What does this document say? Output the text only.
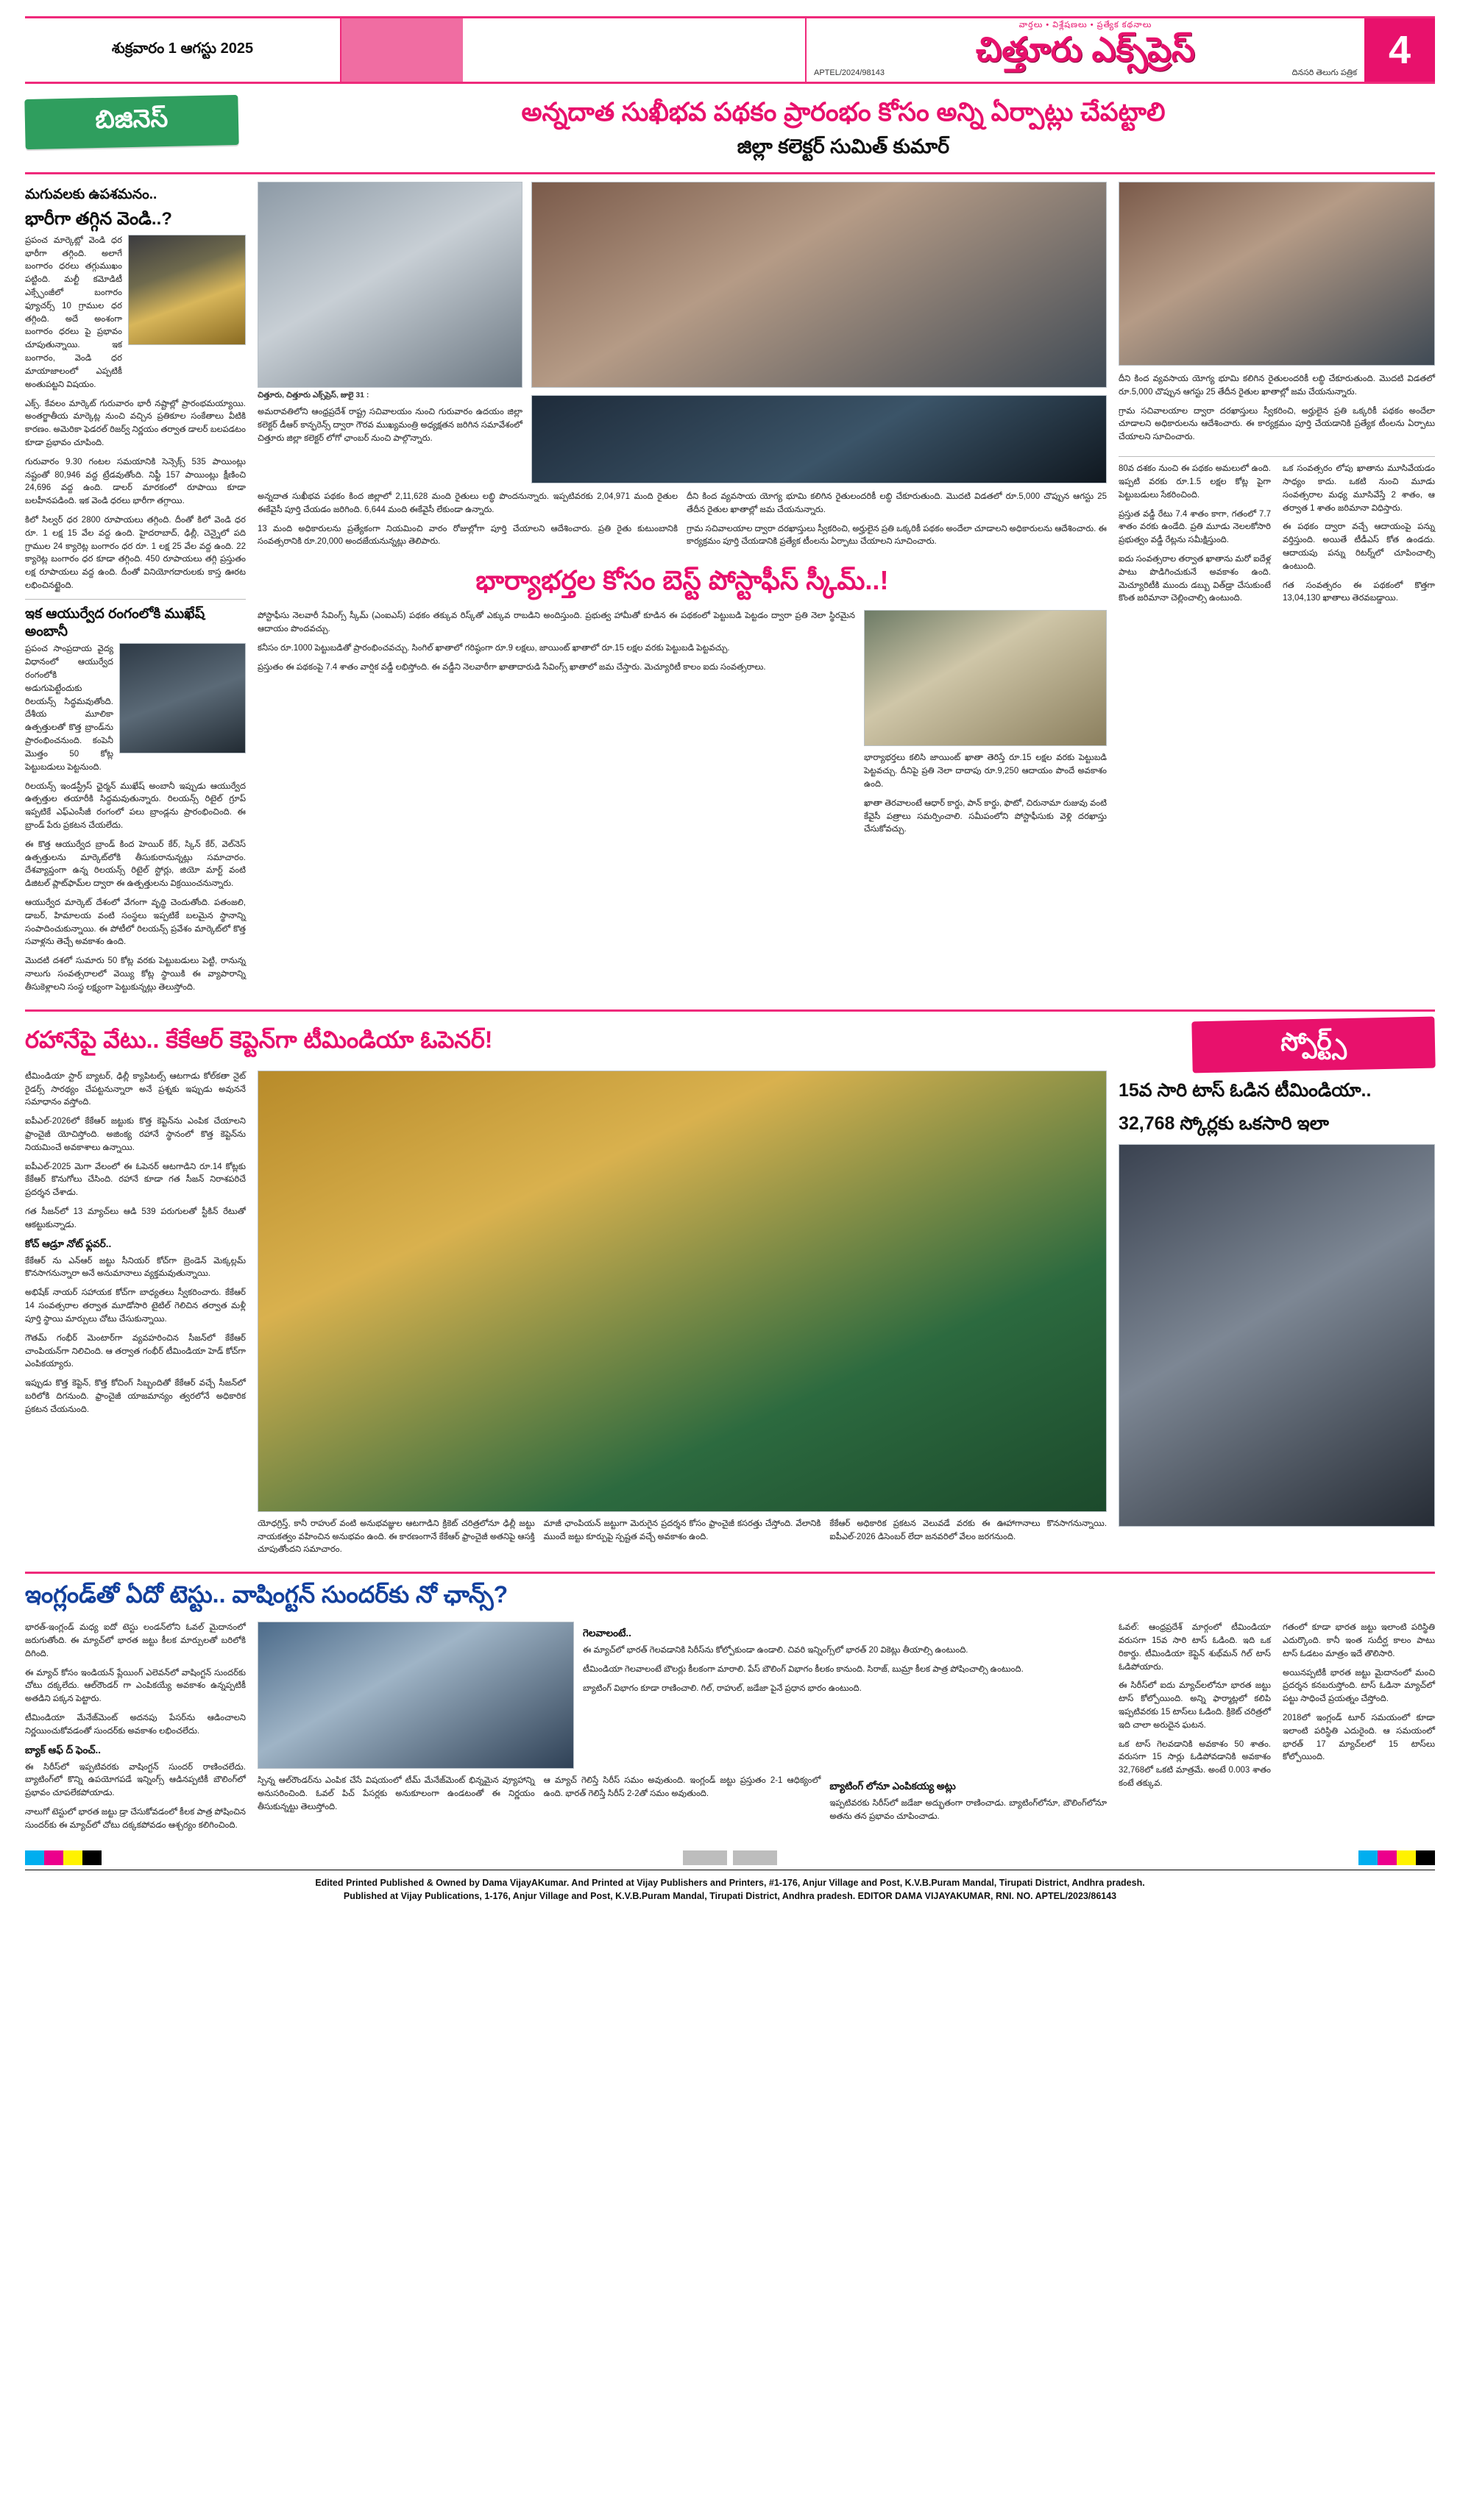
శుక్రవారం 1 ఆగస్టు 2025
వార్తలు • విశ్లేషణలు • ప్రత్యేక కథనాలు
చిత్తూరు ఎక్స్‌ప్రెస్
APTEL/2024/98143	దినసరి తెలుగు పత్రిక
4
బిజినెస్	అన్నదాత సుఖీభవ పథకం ప్రారంభం కోసం అన్ని ఏర్పాట్లు చేపట్టాలి
జిల్లా కలెక్టర్ సుమిత్ కుమార్
మగువలకు ఉపశమనం..
భారీగా తగ్గిన వెండి..?

ప్రపంచ మార్కెట్లో వెండి ధర భారీగా తగ్గింది. అలాగే బంగారం ధరలు తగ్గుముఖం పట్టింది. మల్టీ కమోడిటీ ఎక్స్ఛేంజీలో బంగారం ఫ్యూచర్స్ 10 గ్రాముల ధర తగ్గింది. అదే అంశంగా బంగారం ధరలు పై ప్రభావం చూపుతున్నాయి. ఇక బంగారం, వెండి ధర మాయాజాలంలో ఎప్పటికీ అంతుపట్టని విషయం.

ఎక్స్. కేవలం మార్కెట్ గురువారం భారీ నష్టాల్లో ప్రారంభమయ్యాయి. అంతర్జాతీయ మార్కెట్ల నుంచి వచ్చిన ప్రతికూల సంకేతాలు వీటికి కారణం. అమెరికా ఫెడరల్ రిజర్వ్ నిర్ణయం తర్వాత డాలర్ బలపడటం కూడా ప్రభావం చూపింది.

గురువారం 9.30 గంటల సమయానికి సెన్సెక్స్ 535 పాయింట్లు నష్టంతో 80,946 వద్ద ట్రేడవుతోంది. నిఫ్టీ 157 పాయింట్లు క్షీణించి 24,696 వద్ద ఉంది. డాలర్ మారకంలో రూపాయి కూడా బలహీనపడింది. ఇక వెండి ధరలు భారీగా తగ్గాయి.

కిలో సిల్వర్ ధర 2800 రూపాయలు తగ్గింది. దీంతో కిలో వెండి ధర రూ. 1 లక్ష 15 వేల వద్ద ఉంది. హైదరాబాద్, ఢిల్లీ, చెన్నైలో పది గ్రాముల 24 క్యారెట్ల బంగారం ధర రూ. 1 లక్ష 25 వేల వద్ద ఉంది. 22 క్యారెట్ల బంగారం ధర కూడా తగ్గింది. 450 రూపాయలు తగ్గి ప్రస్తుతం లక్ష రూపాయలు వద్ద ఉంది. దీంతో వినియోగదారులకు కాస్త ఊరట లభించినట్టైంది.

ఇక ఆయుర్వేద రంగంలోకి ముఖేష్ అంబానీ

ప్రపంచ సాంప్రదాయ వైద్య విధానంలో ఆయుర్వేద రంగంలోకి అడుగుపెట్టేందుకు రిలయన్స్ సిద్ధమవుతోంది. దేశీయ మూలికా ఉత్పత్తులతో కొత్త బ్రాండ్‌ను ప్రారంభించనుంది. కంపెనీ మొత్తం 50 కోట్ల పెట్టుబడులు పెట్టనుంది.

రిలయన్స్ ఇండస్ట్రీస్ ఛైర్మన్ ముఖేష్ అంబానీ ఇప్పుడు ఆయుర్వేద ఉత్పత్తుల తయారీకి సిద్ధమవుతున్నారు. రిలయన్స్ రిటైల్ గ్రూప్ ఇప్పటికే ఎఫ్ఎంసీజీ రంగంలో పలు బ్రాండ్లను ప్రారంభించింది. ఈ బ్రాండ్ పేరు ప్రకటన చేయలేదు.

ఈ కొత్త ఆయుర్వేద బ్రాండ్ కింద హెయిర్ కేర్, స్కిన్ కేర్, వెల్‌నెస్ ఉత్పత్తులను మార్కెట్‌లోకి తీసుకురానున్నట్లు సమాచారం. దేశవ్యాప్తంగా ఉన్న రిలయన్స్ రిటైల్ స్టోర్లు, జియో మార్ట్ వంటి డిజిటల్ ప్లాట్‌ఫామ్‌ల ద్వారా ఈ ఉత్పత్తులను విక్రయించనున్నారు.

ఆయుర్వేద మార్కెట్ దేశంలో వేగంగా వృద్ధి చెందుతోంది. పతంజలి, డాబర్, హిమాలయ వంటి సంస్థలు ఇప్పటికే బలమైన స్థానాన్ని సంపాదించుకున్నాయి. ఈ పోటీలో రిలయన్స్ ప్రవేశం మార్కెట్‌లో కొత్త సవాళ్లను తెచ్చే అవకాశం ఉంది.

మొదటి దశలో సుమారు 50 కోట్ల వరకు పెట్టుబడులు పెట్టి, రానున్న నాలుగు సంవత్సరాలలో వెయ్యి కోట్ల స్థాయికి ఈ వ్యాపారాన్ని తీసుకెళ్లాలని సంస్థ లక్ష్యంగా పెట్టుకున్నట్లు తెలుస్తోంది.

చిత్తూరు, చిత్తూరు ఎక్స్‌ప్రెస్, జులై 31 :

అమరావతిలోని ఆంధ్రప్రదేశ్ రాష్ట్ర సచివాలయం నుంచి గురువారం ఉదయం జిల్లా కలెక్టర్ డీఆర్ కాన్ఫరెన్స్ ద్వారా గౌరవ ముఖ్యమంత్రి అధ్యక్షతన జరిగిన సమావేశంలో చిత్తూరు జిల్లా కలెక్టర్ లోగో ఛాంబర్ నుంచి పాల్గొన్నారు.

అన్నదాత సుఖీభవ పథకం కింద జిల్లాలో 2,11,628 మంది రైతులు లబ్ధి పొందనున్నారు. ఇప్పటివరకు 2,04,971 మంది రైతుల ఈకేవైసీ పూర్తి చేయడం జరిగింది. 6,644 మంది ఈకేవైసీ లేకుండా ఉన్నారు.

13 మంది అధికారులను ప్రత్యేకంగా నియమించి వారం రోజుల్లోగా పూర్తి చేయాలని ఆదేశించారు. ప్రతి రైతు కుటుంబానికి సంవత్సరానికి రూ.20,000 అందజేయనున్నట్లు తెలిపారు.

దీని కింద వ్యవసాయ యోగ్య భూమి కలిగిన రైతులందరికీ లబ్ధి చేకూరుతుంది. మొదటి విడతలో రూ.5,000 చొప్పున ఆగస్టు 25 తేదీన రైతుల ఖాతాల్లో జమ చేయనున్నారు.

గ్రామ సచివాలయాల ద్వారా దరఖాస్తులు స్వీకరించి, అర్హులైన ప్రతి ఒక్కరికీ పథకం అందేలా చూడాలని అధికారులను ఆదేశించారు. ఈ కార్యక్రమం పూర్తి చేయడానికి ప్రత్యేక టీంలను ఏర్పాటు చేయాలని సూచించారు.

భార్యాభర్తల కోసం బెస్ట్ పోస్టాఫీస్ స్కీమ్..!

పోస్టాఫీసు నెలవారీ సేవింగ్స్ స్కీమ్ (ఎంఐఎస్) పథకం తక్కువ రిస్క్‌తో ఎక్కువ రాబడిని అందిస్తుంది. ప్రభుత్వ హామీతో కూడిన ఈ పథకంలో పెట్టుబడి పెట్టడం ద్వారా ప్రతి నెలా స్థిరమైన ఆదాయం పొందవచ్చు.

కనీసం రూ.1000 పెట్టుబడితో ప్రారంభించవచ్చు. సింగిల్ ఖాతాలో గరిష్ఠంగా రూ.9 లక్షలు, జాయింట్ ఖాతాలో రూ.15 లక్షల వరకు పెట్టుబడి పెట్టవచ్చు.

ప్రస్తుతం ఈ పథకంపై 7.4 శాతం వార్షిక వడ్డీ లభిస్తోంది. ఈ వడ్డీని నెలవారీగా ఖాతాదారుడి సేవింగ్స్ ఖాతాలో జమ చేస్తారు. మెచ్యూరిటీ కాలం ఐదు సంవత్సరాలు.

భార్యాభర్తలు కలిసి జాయింట్ ఖాతా తెరిస్తే రూ.15 లక్షల వరకు పెట్టుబడి పెట్టవచ్చు. దీనిపై ప్రతి నెలా దాదాపు రూ.9,250 ఆదాయం పొందే అవకాశం ఉంది.

ఖాతా తెరవాలంటే ఆధార్ కార్డు, పాన్ కార్డు, ఫొటో, చిరునామా రుజువు వంటి కేవైసీ పత్రాలు సమర్పించాలి. సమీపంలోని పోస్టాఫీసుకు వెళ్లి దరఖాస్తు చేసుకోవచ్చు.

దీని కింద వ్యవసాయ యోగ్య భూమి కలిగిన రైతులందరికీ లబ్ధి చేకూరుతుంది. మొదటి విడతలో రూ.5,000 చొప్పున ఆగస్టు 25 తేదీన రైతుల ఖాతాల్లో జమ చేయనున్నారు.

గ్రామ సచివాలయాల ద్వారా దరఖాస్తులు స్వీకరించి, అర్హులైన ప్రతి ఒక్కరికీ పథకం అందేలా చూడాలని అధికారులను ఆదేశించారు. ఈ కార్యక్రమం పూర్తి చేయడానికి ప్రత్యేక టీంలను ఏర్పాటు చేయాలని సూచించారు.

80వ దశకం నుంచి ఈ పథకం అమలులో ఉంది. ఇప్పటి వరకు రూ.1.5 లక్షల కోట్ల పైగా పెట్టుబడులు సేకరించింది.

ప్రస్తుత వడ్డీ రేటు 7.4 శాతం కాగా, గతంలో 7.7 శాతం వరకు ఉండేది. ప్రతి మూడు నెలలకోసారి ప్రభుత్వం వడ్డీ రేట్లను సమీక్షిస్తుంది.

ఐదు సంవత్సరాల తర్వాత ఖాతాను మరో ఐదేళ్ల పాటు పొడిగించుకునే అవకాశం ఉంది. మెచ్యూరిటీకి ముందు డబ్బు విత్‌డ్రా చేసుకుంటే కొంత జరిమానా చెల్లించాల్సి ఉంటుంది.

ఒక సంవత్సరం లోపు ఖాతాను మూసివేయడం సాధ్యం కాదు. ఒకటి నుంచి మూడు సంవత్సరాల మధ్య మూసివేస్తే 2 శాతం, ఆ తర్వాత 1 శాతం జరిమానా విధిస్తారు.

ఈ పథకం ద్వారా వచ్చే ఆదాయంపై పన్ను వర్తిస్తుంది. అయితే టీడీఎస్ కోత ఉండదు. ఆదాయపు పన్ను రిటర్న్‌లో చూపించాల్సి ఉంటుంది.

గత సంవత్సరం ఈ పథకంలో కొత్తగా 13,04,130 ఖాతాలు తెరవబడ్డాయి.

రహానేపై వేటు.. కేకేఆర్ కెప్టెన్‌గా టీమిండియా ఓపెనర్!	స్పోర్ట్స్

టీమిండియా స్టార్ బ్యాటర్, ఢిల్లీ క్యాపిటల్స్ ఆటగాడు కోల్‌కతా నైట్ రైడర్స్ సారథ్యం చేపట్టనున్నారా అనే ప్రశ్నకు ఇప్పుడు అవుననే సమాధానం వస్తోంది.

ఐపీఎల్-2026లో కేకేఆర్ జట్టుకు కొత్త కెప్టెన్‌ను ఎంపిక చేయాలని ఫ్రాంచైజీ యోచిస్తోంది. అజింక్య రహానే స్థానంలో కొత్త కెప్టెన్‌ను నియమించే అవకాశాలు ఉన్నాయి.

ఐపీఎల్-2025 మెగా వేలంలో ఈ ఓపెనర్ ఆటగాడిని రూ.14 కోట్లకు కేకేఆర్ కొనుగోలు చేసింది. రహానే కూడా గత సీజన్ నిరాశపరిచే ప్రదర్శన చేశాడు.

గత సీజన్‌లో 13 మ్యాచ్‌లు ఆడి 539 పరుగులతో స్టీకిన్ రేటుతో ఆకట్టుకున్నాడు.

కోచ్ ఆడ్రూ నోట్ ఫ్లవర్..

కేకేఆర్ ను ఎన్ఆర్ జట్టు సీనియర్ కోచ్‌గా బ్రెండెన్ మెక్కల్లమ్ కొనసాగనున్నారా అనే అనుమానాలు వ్యక్తమవుతున్నాయి.

అభిషేక్ నాయర్ సహాయక కోచ్‌గా బాధ్యతలు స్వీకరించారు. కేకేఆర్ 14 సంవత్సరాల తర్వాత మూడోసారి టైటిల్ గెలిచిన తర్వాత మళ్లీ పూర్తి స్థాయి మార్పులు చోటు చేసుకున్నాయి.

గౌతమ్ గంభీర్ మెంటార్‌గా వ్యవహరించిన సీజన్‌లో కేకేఆర్ చాంపియన్‌గా నిలిచింది. ఆ తర్వాత గంభీర్ టీమిండియా హెడ్ కోచ్‌గా ఎంపికయ్యారు.

ఇప్పుడు కొత్త కెప్టెన్, కొత్త కోచింగ్ సిబ్బందితో కేకేఆర్ వచ్చే సీజన్‌లో బరిలోకి దిగనుంది. ఫ్రాంచైజీ యాజమాన్యం త్వరలోనే అధికారిక ప్రకటన చేయనుంది.

యోధగ్రిస్త్, కానీ రాహుల్ వంటి అనుభవజ్ఞుల ఆటగాడిని క్రికెట్ చరిత్రలోనూ ఢిల్లీ జట్టు నాయకత్వం వహించిన అనుభవం ఉంది. ఈ కారణంగానే కేకేఆర్ ఫ్రాంచైజీ అతనిపై ఆసక్తి చూపుతోందని సమాచారం.

మాజీ ఛాంపియన్ జట్టుగా మెరుగైన ప్రదర్శన కోసం ఫ్రాంచైజీ కసరత్తు చేస్తోంది. వేలానికి ముందే జట్టు కూర్పుపై స్పష్టత వచ్చే అవకాశం ఉంది.

కేకేఆర్ అధికారిక ప్రకటన వెలువడే వరకు ఈ ఊహాగానాలు కొనసాగనున్నాయి. ఐపీఎల్-2026 డిసెంబర్ లేదా జనవరిలో వేలం జరగనుంది.

15వ సారి టాస్ ఓడిన టీమిండియా..
32,768 స్కోర్లకు ఒకసారి ఇలా
ఇంగ్లండ్‌తో ఏదో టెస్టు.. వాషింగ్టన్ సుందర్‌కు నో ఛాన్స్?

భారత్-ఇంగ్లండ్ మధ్య ఐదో టెస్టు లండన్‌లోని ఓవల్ మైదానంలో జరుగుతోంది. ఈ మ్యాచ్‌లో భారత జట్టు కీలక మార్పులతో బరిలోకి దిగింది.

ఈ మ్యాచ్ కోసం ఇండియన్ ప్లేయింగ్ ఎలెవన్‌లో వాషింగ్టన్ సుందర్‌కు చోటు దక్కలేదు. ఆల్‌రౌండర్ గా ఎంపికయ్యే అవకాశం ఉన్నప్పటికీ అతడిని పక్కన పెట్టారు.

టీమిండియా మేనేజ్‌మెంట్ అదనపు పేసర్‌ను ఆడించాలని నిర్ణయించుకోవడంతో సుందర్‌కు అవకాశం లభించలేదు.

బ్యాక్ ఆఫ్ ద్ ఫెంచ్..

ఈ సిరీస్‌లో ఇప్పటివరకు వాషింగ్టన్ సుందర్ రాణించలేదు. బ్యాటింగ్‌లో కొన్ని ఉపయోగపడే ఇన్నింగ్స్ ఆడినప్పటికీ బౌలింగ్‌లో ప్రభావం చూపలేకపోయాడు.

నాలుగో టెస్టులో భారత జట్టు డ్రా చేసుకోవడంలో కీలక పాత్ర పోషించిన సుందర్‌కు ఈ మ్యాచ్‌లో చోటు దక్కకపోవడం ఆశ్చర్యం కలిగించింది.

గెలవాలంటే..

ఈ మ్యాచ్‌లో భారత్ గెలవడానికి సిరీస్‌ను కోల్పోకుండా ఉండాలి. చివరి ఇన్నింగ్స్‌లో భారత్ 20 వికెట్లు తీయాల్సి ఉంటుంది.

టీమిండియా గెలవాలంటే బౌలర్లు కీలకంగా మారాలి. పేస్ బౌలింగ్ విభాగం కీలకం కానుంది. సిరాజ్, బుమ్రా కీలక పాత్ర పోషించాల్సి ఉంటుంది.

బ్యాటింగ్ విభాగం కూడా రాణించాలి. గిల్, రాహుల్, జడేజా పైనే ప్రధాన భారం ఉంటుంది.

స్పిన్న ఆల్‌రౌండర్‌ను ఎంపిక చేసే విషయంలో టీమ్ మేనేజ్‌మెంట్ భిన్నమైన వ్యూహాన్ని అనుసరించింది. ఓవల్ పిచ్ పేసర్లకు అనుకూలంగా ఉండటంతో ఈ నిర్ణయం తీసుకున్నట్టు తెలుస్తోంది.

ఆ మ్యాచ్ గెలిస్తే సిరీస్ సమం అవుతుంది. ఇంగ్లండ్ జట్టు ప్రస్తుతం 2-1 ఆధిక్యంలో ఉంది. భారత్ గెలిస్తే సిరీస్ 2-2తో సమం అవుతుంది.

బ్యాటింగ్ లోనూ ఎంపికయ్య అట్లు

ఇప్పటివరకు సిరీస్‌లో జడేజా అద్భుతంగా రాణించాడు. బ్యాటింగ్‌లోనూ, బౌలింగ్‌లోనూ అతను తన ప్రభావం చూపించాడు.

ఓవల్: ఆంధ్రప్రదేశ్ మార్గంలో టీమిండియా వరుసగా 15వ సారి టాస్ ఓడింది. ఇది ఒక రికార్డు. టీమిండియా కెప్టెన్ శుభ్‌మన్ గిల్ టాస్ ఓడిపోయారు.

ఈ సిరీస్‌లో ఐదు మ్యాచ్‌లలోనూ భారత జట్టు టాస్ కోల్పోయింది. అన్ని ఫార్మాట్లలో కలిపి ఇప్పటివరకు 15 టాస్‌లు ఓడింది. క్రికెట్ చరిత్రలో ఇది చాలా అరుదైన ఘటన.

ఒక టాస్ గెలవడానికి అవకాశం 50 శాతం. వరుసగా 15 సార్లు ఓడిపోవడానికి అవకాశం 32,768లో ఒకటి మాత్రమే. అంటే 0.003 శాతం కంటే తక్కువ.

గతంలో కూడా భారత జట్టు ఇలాంటి పరిస్థితి ఎదుర్కొంది. కానీ ఇంత సుదీర్ఘ కాలం పాటు టాస్ ఓడటం మాత్రం ఇదే తొలిసారి.

అయినప్పటికీ భారత జట్టు మైదానంలో మంచి ప్రదర్శన కనబరుస్తోంది. టాస్ ఓడినా మ్యాచ్‌లో పట్టు సాధించే ప్రయత్నం చేస్తోంది.

2018లో ఇంగ్లండ్ టూర్ సమయంలో కూడా ఇలాంటి పరిస్థితి ఎదురైంది. ఆ సమయంలో భారత్ 17 మ్యాచ్‌లలో 15 టాస్‌లు కోల్పోయింది.

Edited Printed Published & Owned by Dama VijayAKumar. And Printed at Vijay Publishers and Printers, #1-176, Anjur Village and Post, K.V.B.Puram Mandal, Tirupati District, Andhra pradesh.
Published at Vijay Publications, 1-176, Anjur Village and Post, K.V.B.Puram Mandal, Tirupati District, Andhra pradesh. EDITOR DAMA VIJAYAKUMAR, RNI. NO. APTEL/2023/86143
